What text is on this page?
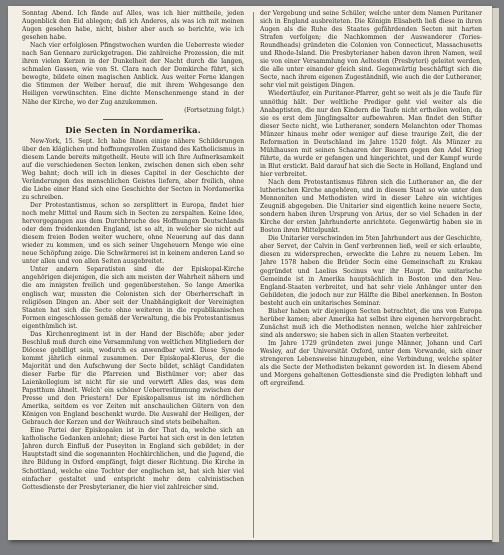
Sonntag Abend. Ich fände auf Alles, was ich hier mittheile, jeden Augenblick den Eid ablegen; daß ich Anderes, als was ich mit meinen Augen gesehen habe, nicht, bisher aber auch so berichte, wie ich gesehen habe.

Nach vier erfolglosen Pfingstwochen wurden die Ueberreste wieder nach San Gennaro zurückgetragen. Die zahlreiche Prozession, die mit ihren vielen Kerzen in der Dunkelheit der Nacht durch die langen, schmalen Gassen, wie von St. Clara nach der Domkirche führt, sich bewegte, bildete einen magischen Anblick. Aus weiter Ferne klangen die Stimmen der Weiber herauf, die mit ihrem Wehgesange den Heiligen verwünschten. Eine dichte Menschenmenge stand in der Nähe der Kirche, wo der Zug anzukommen.

(Fortsetzung folgt.)

Die Secten in Nordamerika.

New-York, 15. Sept. Ich habe Ihnen einige nähere Schilderungen über den kläglichen und hoffnungsvollen Zustand des Katholicismus in diesem Lande bereits mitgetheilt. Heute will ich Ihre Aufmerksamkeit auf die verschiedenen Secten lenken, zwischen denen sich eben sehr Weg bahnt; doch will ich in dieses Capitel in der Geschichte der Veränderungen des menschlichen Geistes liefern, aber freilich, ohne die Liebe einer Hand sich eine Geschichte der Secten in Nordamerika zu schreiben.

Der Protestantismus, schon so zersplittert in Europa, findet hier noch mehr Mittel und Raum sich in Secten zu zerspalten. Keine Idee, hervorgegangen aus dem Durchbruche des Hoffnungen Deutschlands oder dem freidenkenden England, ist so alt, in welcher sie nicht auf diesem freien Boden weiter wuchere, ohne Neuerung auf das dann wieder zu kommen, und es sich seiner Ungeheuern Menge wie eine neue Schöpfung zeige. Die Schwärmerei ist in keinem anderen Land so unter allen und von allen Seiten ausgebreitet.

Unter andern Separatisten sind die der Episkopal-Kirche angehörigen diejenigen, die sich am meisten der Wahrheit nähern und die am innigsten freilich und gegenüberstehen. So lange Amerika englisch war, mussten die Colonisten sich der Oberherrschaft in religiösen Dingen an. Aber seit der Unabhängigkeit der Vereinigten Staaten hat sich die Secte ohne weiteren in die republikanischen Formen eingeschlossen gemäß der Verwaltung, die bis Protestantismus eigenthümlich ist.

Das Kirchenregiment ist in der Hand der Bischöfe; aber jeder Beschluß muß durch eine Versammlung von weltlichen Mitgliedern der Diöcese gebilligt sein, wodurch es anwendbar wird. Diese Synode kommt jährlich einmal zusammen. Der Episkopal-Klerus, der die Majorität und den Aufschwung der Secte bildet, schlägt Candidaten dieser Farbe für die Pfarreien und Bisthümer vor; aber das Laienkollegium ist nicht für sie und verwirft Alles das, was dem Papstthum ähnelt. Welch' ein schöner Ueberrestimmung zwischen der Presse und den Priestern! Der Episkopalismus ist im nördlichen Amerika, seitdem es vor Zeiten mit anschaulichen Gütern von den Königen von England beschenkt wurde. Die Auswahl der Heiligen, der Gebrauch der Kerzen und der Weihrauch sind stets beibehalten.

Eine Partei der Episkopalen ist in der That da, welche sich an katholische Gedanken anlehnt; diese Partei hat sich erst in den letzten Jahren durch Einfluß der Puseyiten in England sich gebildet; in der Hauptstadt sind die sogenannten Hochkirchlichen, und die Jugend, die ihre Bildung in Oxford empfängt, folgt dieser Richtung. Die Kirche in Schottland, welche eine Tochter der englischen ist, hat sich hier viel einfacher gestaltet und entspricht mehr dem calvinistischen Gottesdienste der Presbyterianer, die hier viel zahlreicher sind.

der Vergebung und seine Schüler, welche unter dem Namen Puritaner sich in England ausbreiteten. Die Königin Elisabeth ließ diese in ihren Augen als die Ruhe des Staates gefährdenden Secten mit harten Strafen verfolgen; die Nachkommen der Auswanderer (Tories-Roundheads) gründeten die Colonien von Connecticut, Massachusetts und Rhode-Island. Die Presbyterianer haben davon ihren Namen, weil sie von einer Versammlung von Aeltesten (Presbyteri) geleitet werden, die alle unter einander gleich sind. Gegenwärtig beschäftigt sich die Secte, nach ihrem eigenen Zugeständniß, wie auch die der Lutheraner, sehr viel mit geistigen Dingen.

Wiedertäufer, ein Puritaner-Pfarrer, geht so weit als je die Taufe für unnöthig hält. Der weltliche Prediger geht viel weiter als die Anabaptisten, die nur den Kindern die Taufe nicht ertheilen wollen, da sie es erst dem Jünglingsalter aufbewahren. Man findet den Stifter dieser Secte nicht, wie Lutheraner, sondern Melanchton oder Thomas Münzer hinaus mehr oder weniger auf diese traurige Zeit, die der Reformation in Deutschland im Jahre 1520 folgt. Als Münzer zu Mühlhausen mit seinen Schaaren der Bauern gegen den Adel Krieg führte, da wurde er gefangen und hingerichtet, und der Kampf wurde in Blut erstickt. Bald darauf hat sich die Secte in Holland, England und hier verbreitet.

Nach dem Protestantismus führen sich die Lutheraner an, die der lutherischen Kirche angehören, und in diesem Staat so wie unter den Mennoniten und Methodisten wird in dieser Lehre ein wichtiges Zeugniß abgegeben. Die Unitarier sind eigentlich keine neuere Secte, sondern haben ihren Ursprung von Arius, der so viel Schaden in der Kirche der ersten Jahrhunderte anrichtete. Gegenwärtig haben sie in Boston ihren Mittelpunkt.

Die Unitarier verschwinden im 5ten Jahrhundert aus der Geschichte, aber Servet, der Calvin in Genf verbrennen ließ, weil er sich erlaubte, diesen zu widersprechen, erweckte die Lehre zu neuem Leben. Im Jahre 1578 haben die Brüder Socin eine Gemeinschaft zu Krakau gegründet und Laelius Socinus war ihr Haupt. Die unitarische Gemeinde ist in Amerika hauptsächlich in Boston und den Neu-England-Staaten verbreitet, und hat sehr viele Anhänger unter den Gebildeten, die jedoch nur zur Hälfte die Bibel anerkennen. In Boston besteht auch ein unitarisches Seminar.

Bisher haben wir diejenigen Secten betrachtet, die uns von Europa herüber kamen; aber Amerika hat selbst ihre eigenen hervorgebracht. Zunächst muß ich die Methodisten nennen, welche hier zahlreicher sind als anderswo; sie haben sich in allen Staaten verbreitet.

Im Jahre 1729 gründeten zwei junge Männer, Johann und Carl Wesley, auf der Universität Oxford, unter dem Vorwande, sich einer strengeren Lebensweise hinzugeben, eine Verbindung, welche später als die Secte der Methodisten bekannt geworden ist. In diesem Abend und Morgens gehaltenen Gottesdienste sind die Predigten lebhaft und oft ergreifend.
